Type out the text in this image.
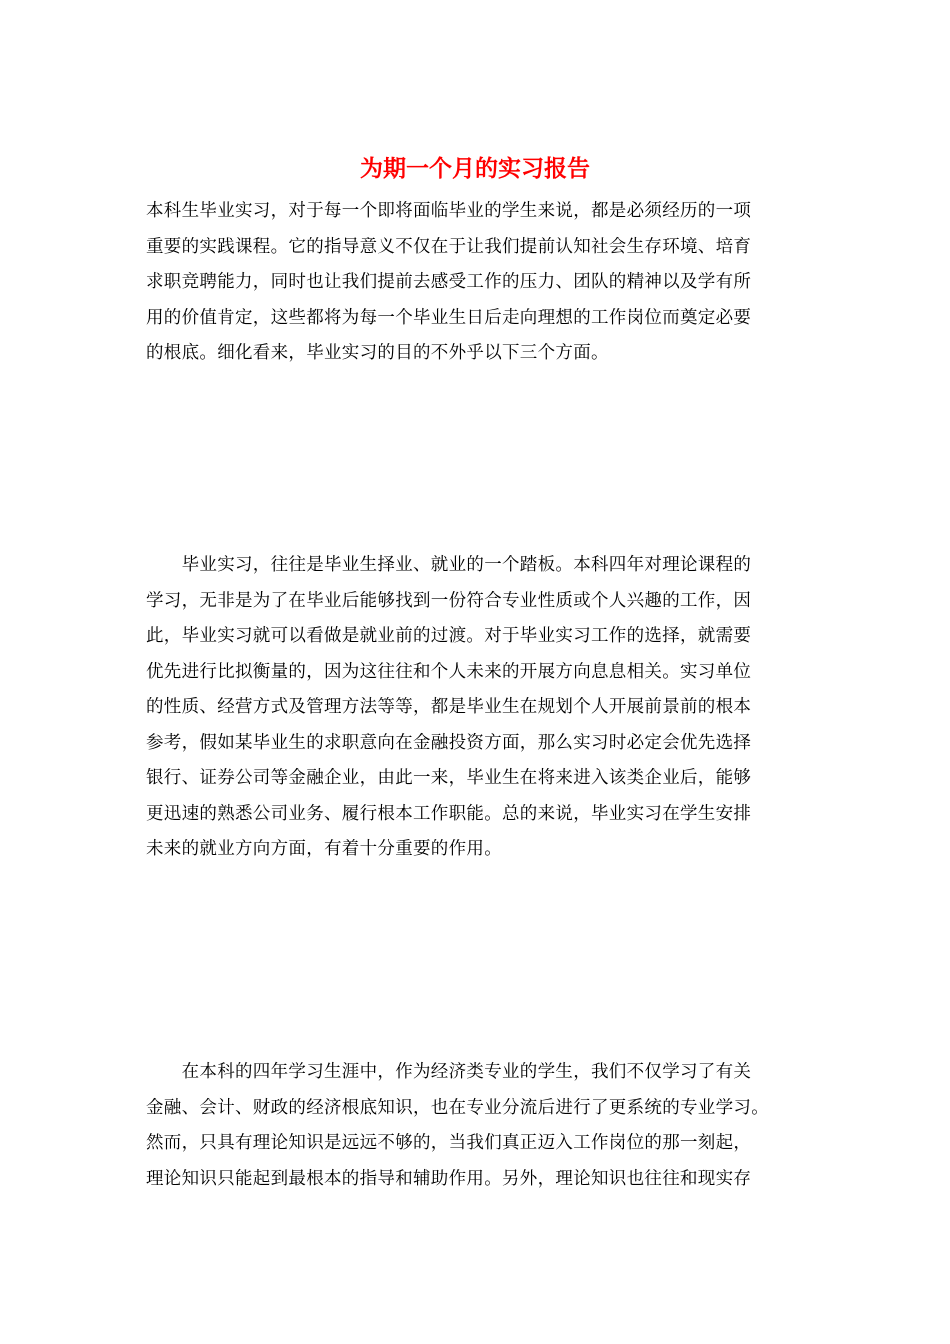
为期一个月的实习报告

本科生毕业实习，对于每一个即将面临毕业的学生来说，都是必须经历的一项
重要的实践课程。它的指导意义不仅在于让我们提前认知社会生存环境、培育
求职竞聘能力，同时也让我们提前去感受工作的压力、团队的精神以及学有所
用的价值肯定，这些都将为每一个毕业生日后走向理想的工作岗位而奠定必要
的根底。细化看来，毕业实习的目的不外乎以下三个方面。

　　毕业实习，往往是毕业生择业、就业的一个踏板。本科四年对理论课程的
学习，无非是为了在毕业后能够找到一份符合专业性质或个人兴趣的工作，因
此，毕业实习就可以看做是就业前的过渡。对于毕业实习工作的选择，就需要
优先进行比拟衡量的，因为这往往和个人未来的开展方向息息相关。实习单位
的性质、经营方式及管理方法等等，都是毕业生在规划个人开展前景前的根本
参考，假如某毕业生的求职意向在金融投资方面，那么实习时必定会优先选择
银行、证券公司等金融企业，由此一来，毕业生在将来进入该类企业后，能够
更迅速的熟悉公司业务、履行根本工作职能。总的来说，毕业实习在学生安排
未来的就业方向方面，有着十分重要的作用。

　　在本科的四年学习生涯中，作为经济类专业的学生，我们不仅学习了有关
金融、会计、财政的经济根底知识，也在专业分流后进行了更系统的专业学习。
然而，只具有理论知识是远远不够的，当我们真正迈入工作岗位的那一刻起，
理论知识只能起到最根本的指导和辅助作用。另外，理论知识也往往和现实存
